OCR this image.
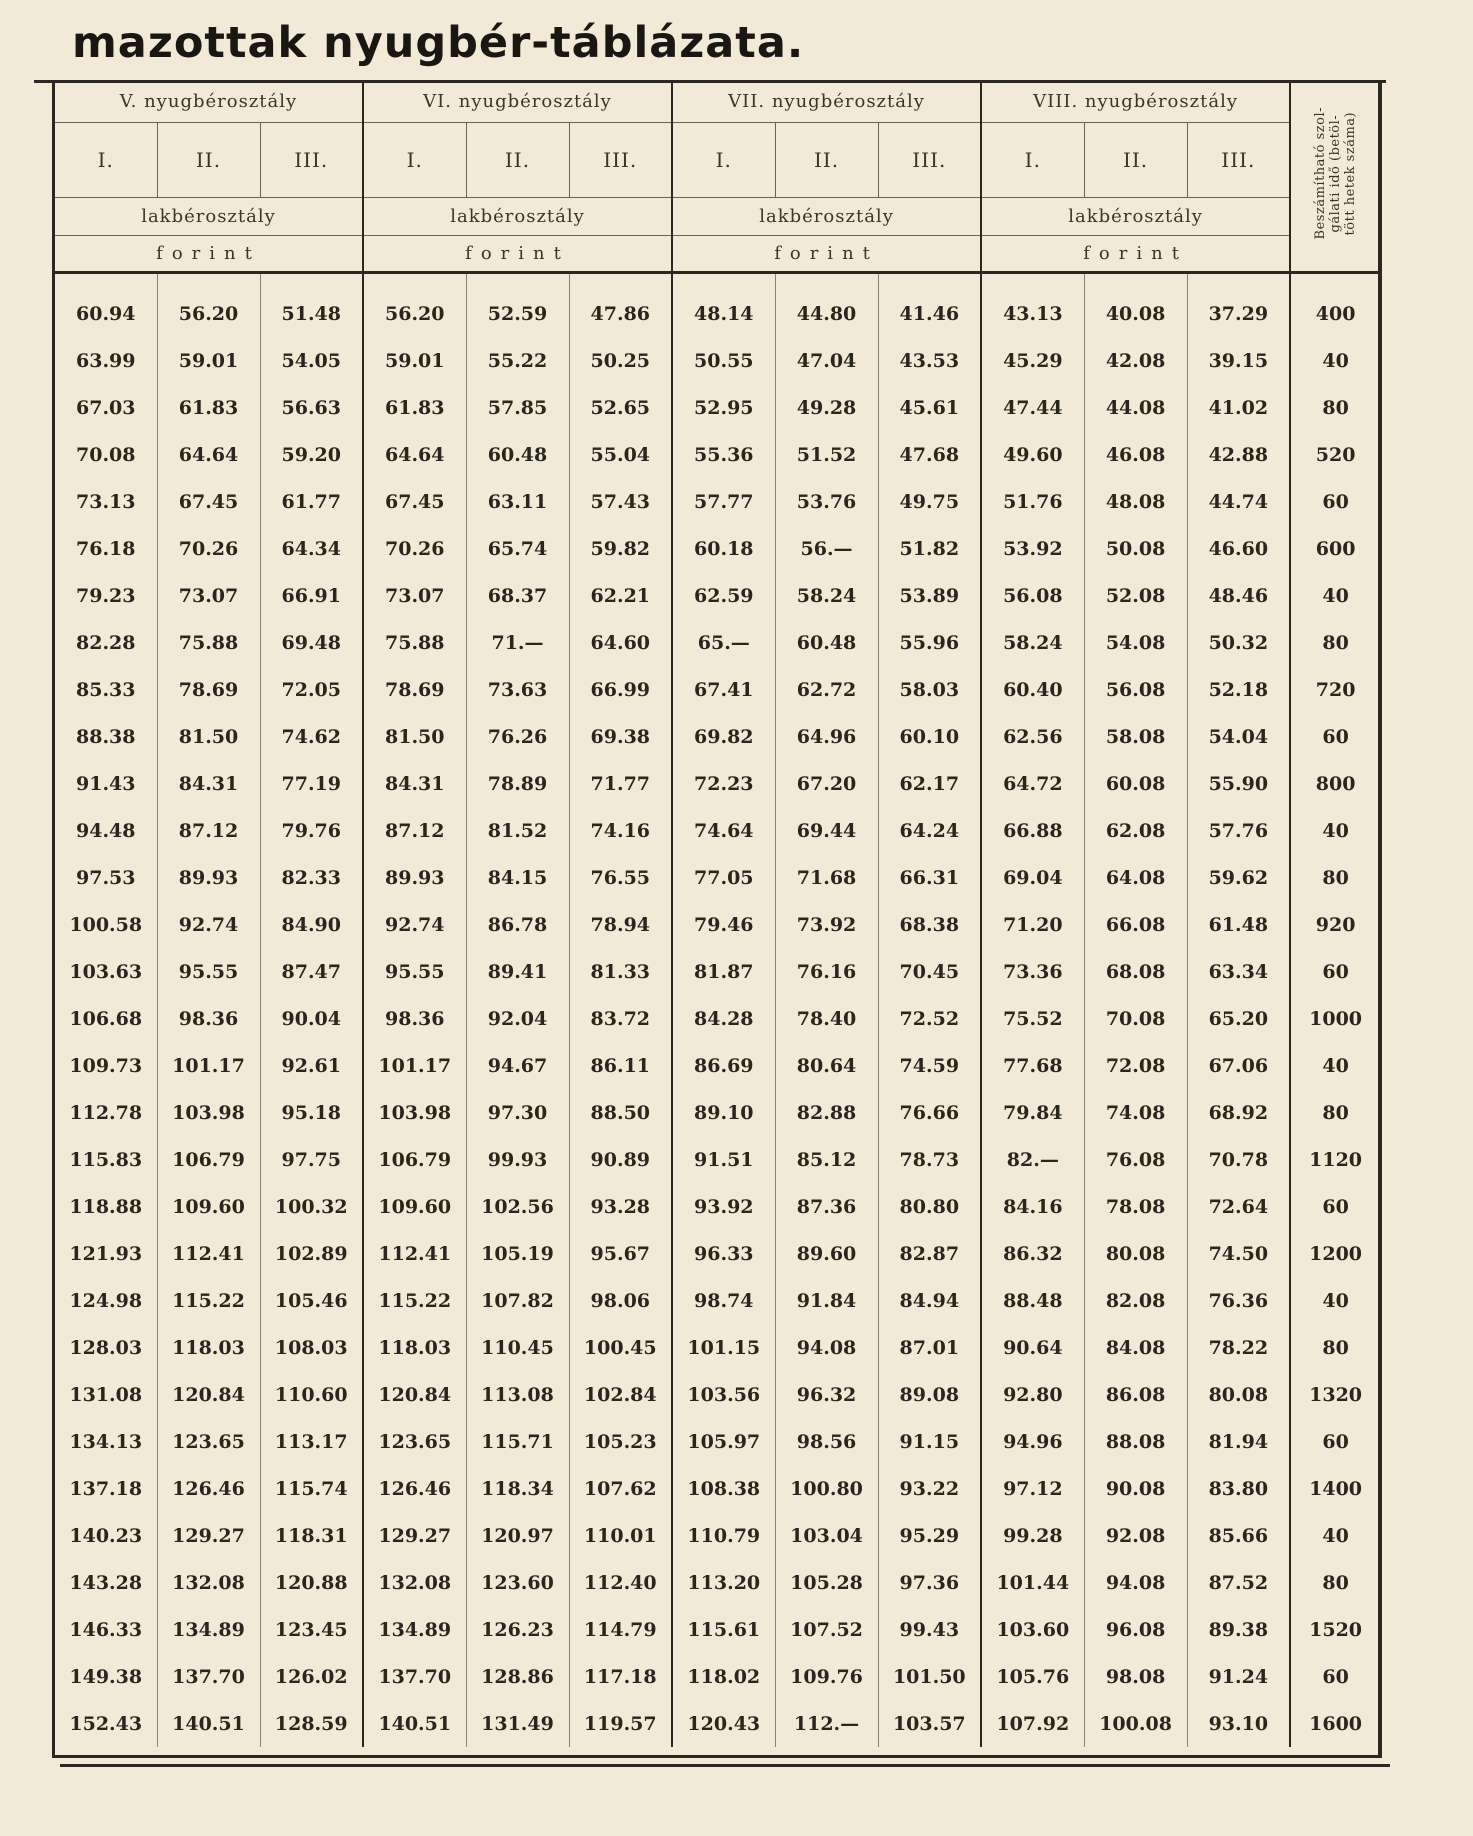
mazottak nyugbér-táblázata.
V. nyugbérosztály			VI. nyugbérosztály			VII. nyugbérosztály			VIII. nyugbérosztály			Beszámítható szol-
gálati idő (betöl-
tött hetek száma)
I.	II.	III.	I.	II.	III.	I.	II.	III.	I.	II.	III.	
lakbérosztály			lakbérosztály			lakbérosztály			lakbérosztály			
forint			forint			forint			forint			
60.94	56.20	51.48	56.20	52.59	47.86	48.14	44.80	41.46	43.13	40.08	37.29	400
63.99	59.01	54.05	59.01	55.22	50.25	50.55	47.04	43.53	45.29	42.08	39.15	40
67.03	61.83	56.63	61.83	57.85	52.65	52.95	49.28	45.61	47.44	44.08	41.02	80
70.08	64.64	59.20	64.64	60.48	55.04	55.36	51.52	47.68	49.60	46.08	42.88	520
73.13	67.45	61.77	67.45	63.11	57.43	57.77	53.76	49.75	51.76	48.08	44.74	60
76.18	70.26	64.34	70.26	65.74	59.82	60.18	56.—	51.82	53.92	50.08	46.60	600
79.23	73.07	66.91	73.07	68.37	62.21	62.59	58.24	53.89	56.08	52.08	48.46	40
82.28	75.88	69.48	75.88	71.—	64.60	65.—	60.48	55.96	58.24	54.08	50.32	80
85.33	78.69	72.05	78.69	73.63	66.99	67.41	62.72	58.03	60.40	56.08	52.18	720
88.38	81.50	74.62	81.50	76.26	69.38	69.82	64.96	60.10	62.56	58.08	54.04	60
91.43	84.31	77.19	84.31	78.89	71.77	72.23	67.20	62.17	64.72	60.08	55.90	800
94.48	87.12	79.76	87.12	81.52	74.16	74.64	69.44	64.24	66.88	62.08	57.76	40
97.53	89.93	82.33	89.93	84.15	76.55	77.05	71.68	66.31	69.04	64.08	59.62	80
100.58	92.74	84.90	92.74	86.78	78.94	79.46	73.92	68.38	71.20	66.08	61.48	920
103.63	95.55	87.47	95.55	89.41	81.33	81.87	76.16	70.45	73.36	68.08	63.34	60
106.68	98.36	90.04	98.36	92.04	83.72	84.28	78.40	72.52	75.52	70.08	65.20	1000
109.73	101.17	92.61	101.17	94.67	86.11	86.69	80.64	74.59	77.68	72.08	67.06	40
112.78	103.98	95.18	103.98	97.30	88.50	89.10	82.88	76.66	79.84	74.08	68.92	80
115.83	106.79	97.75	106.79	99.93	90.89	91.51	85.12	78.73	82.—	76.08	70.78	1120
118.88	109.60	100.32	109.60	102.56	93.28	93.92	87.36	80.80	84.16	78.08	72.64	60
121.93	112.41	102.89	112.41	105.19	95.67	96.33	89.60	82.87	86.32	80.08	74.50	1200
124.98	115.22	105.46	115.22	107.82	98.06	98.74	91.84	84.94	88.48	82.08	76.36	40
128.03	118.03	108.03	118.03	110.45	100.45	101.15	94.08	87.01	90.64	84.08	78.22	80
131.08	120.84	110.60	120.84	113.08	102.84	103.56	96.32	89.08	92.80	86.08	80.08	1320
134.13	123.65	113.17	123.65	115.71	105.23	105.97	98.56	91.15	94.96	88.08	81.94	60
137.18	126.46	115.74	126.46	118.34	107.62	108.38	100.80	93.22	97.12	90.08	83.80	1400
140.23	129.27	118.31	129.27	120.97	110.01	110.79	103.04	95.29	99.28	92.08	85.66	40
143.28	132.08	120.88	132.08	123.60	112.40	113.20	105.28	97.36	101.44	94.08	87.52	80
146.33	134.89	123.45	134.89	126.23	114.79	115.61	107.52	99.43	103.60	96.08	89.38	1520
149.38	137.70	126.02	137.70	128.86	117.18	118.02	109.76	101.50	105.76	98.08	91.24	60
152.43	140.51	128.59	140.51	131.49	119.57	120.43	112.—	103.57	107.92	100.08	93.10	1600
